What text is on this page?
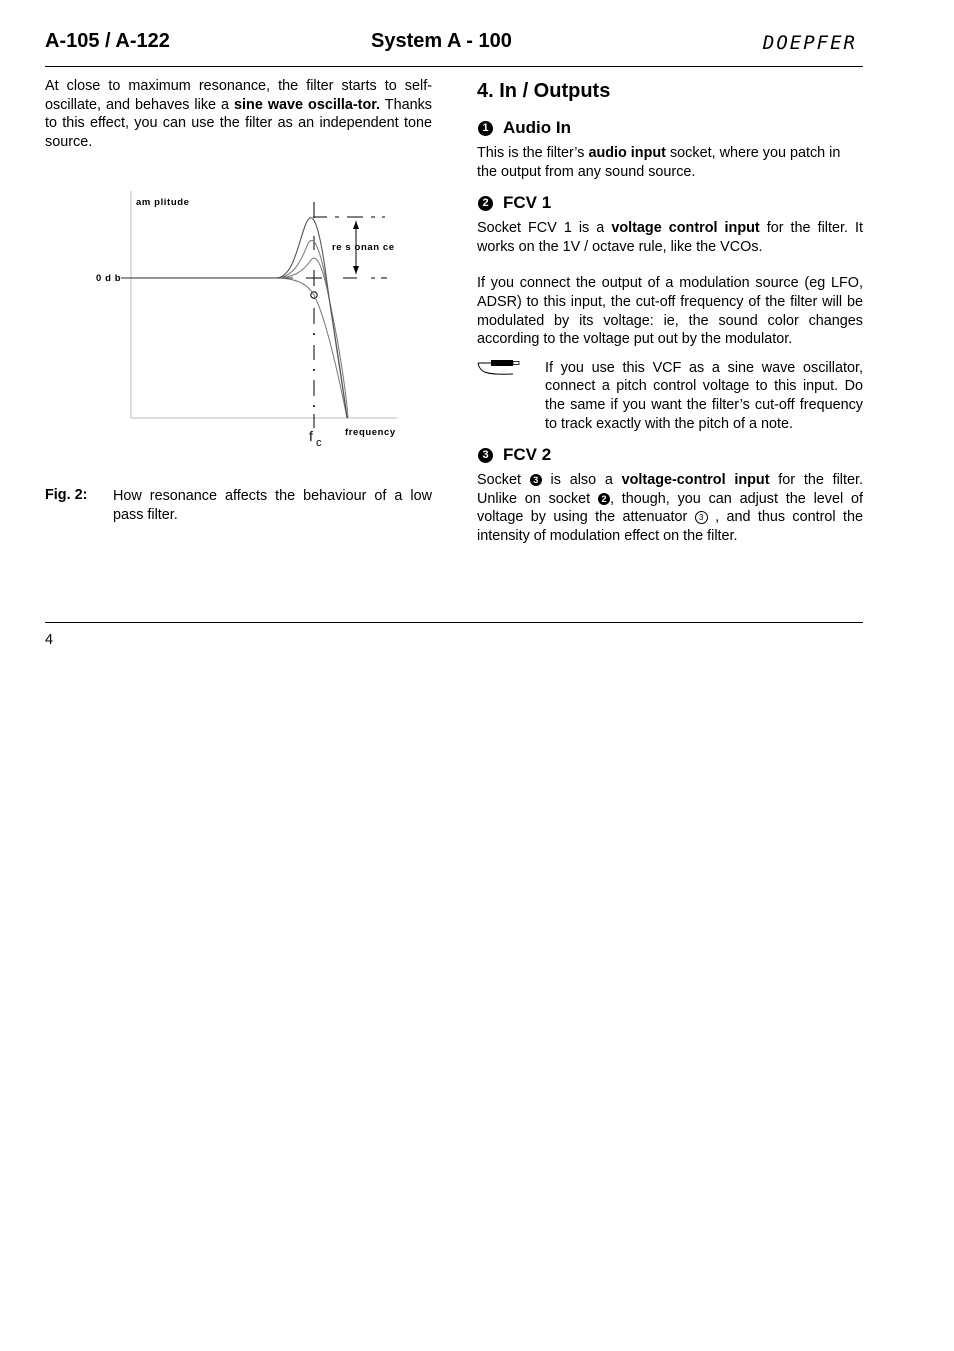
A-105 / A-122	System A - 100	DOEPFER

At close to maximum resonance, the filter starts to self-oscillate, and behaves like a sine wave oscilla-tor. Thanks to this effect, you can use the filter as an independent tone source.

am plitude
0 d b
re s onan ce
frequency
f c
Fig. 2: How resonance affects the behaviour of a low pass filter.
4. In / Outputs
1 Audio In

This is the filter’s audio input socket, where you patch in the output from any sound source.

2 FCV 1

Socket FCV 1 is a voltage control input for the filter. It works on the 1V / octave rule, like the VCOs.

If you connect the output of a modulation source (eg LFO, ADSR) to this input, the cut-off frequency of the filter will be modulated by its voltage: ie, the sound color changes according to the voltage put out by the modulator.

If you use this VCF as a sine wave oscillator, connect a pitch control voltage to this input. Do the same if you want the filter’s cut-off frequency to track exactly with the pitch of a note.

3 FCV 2

Socket 3 is also a voltage-control input for the filter. Unlike on socket 2 , though, you can adjust the level of voltage by using the attenuator 3 , and thus control the intensity of modulation effect on the filter.

4
